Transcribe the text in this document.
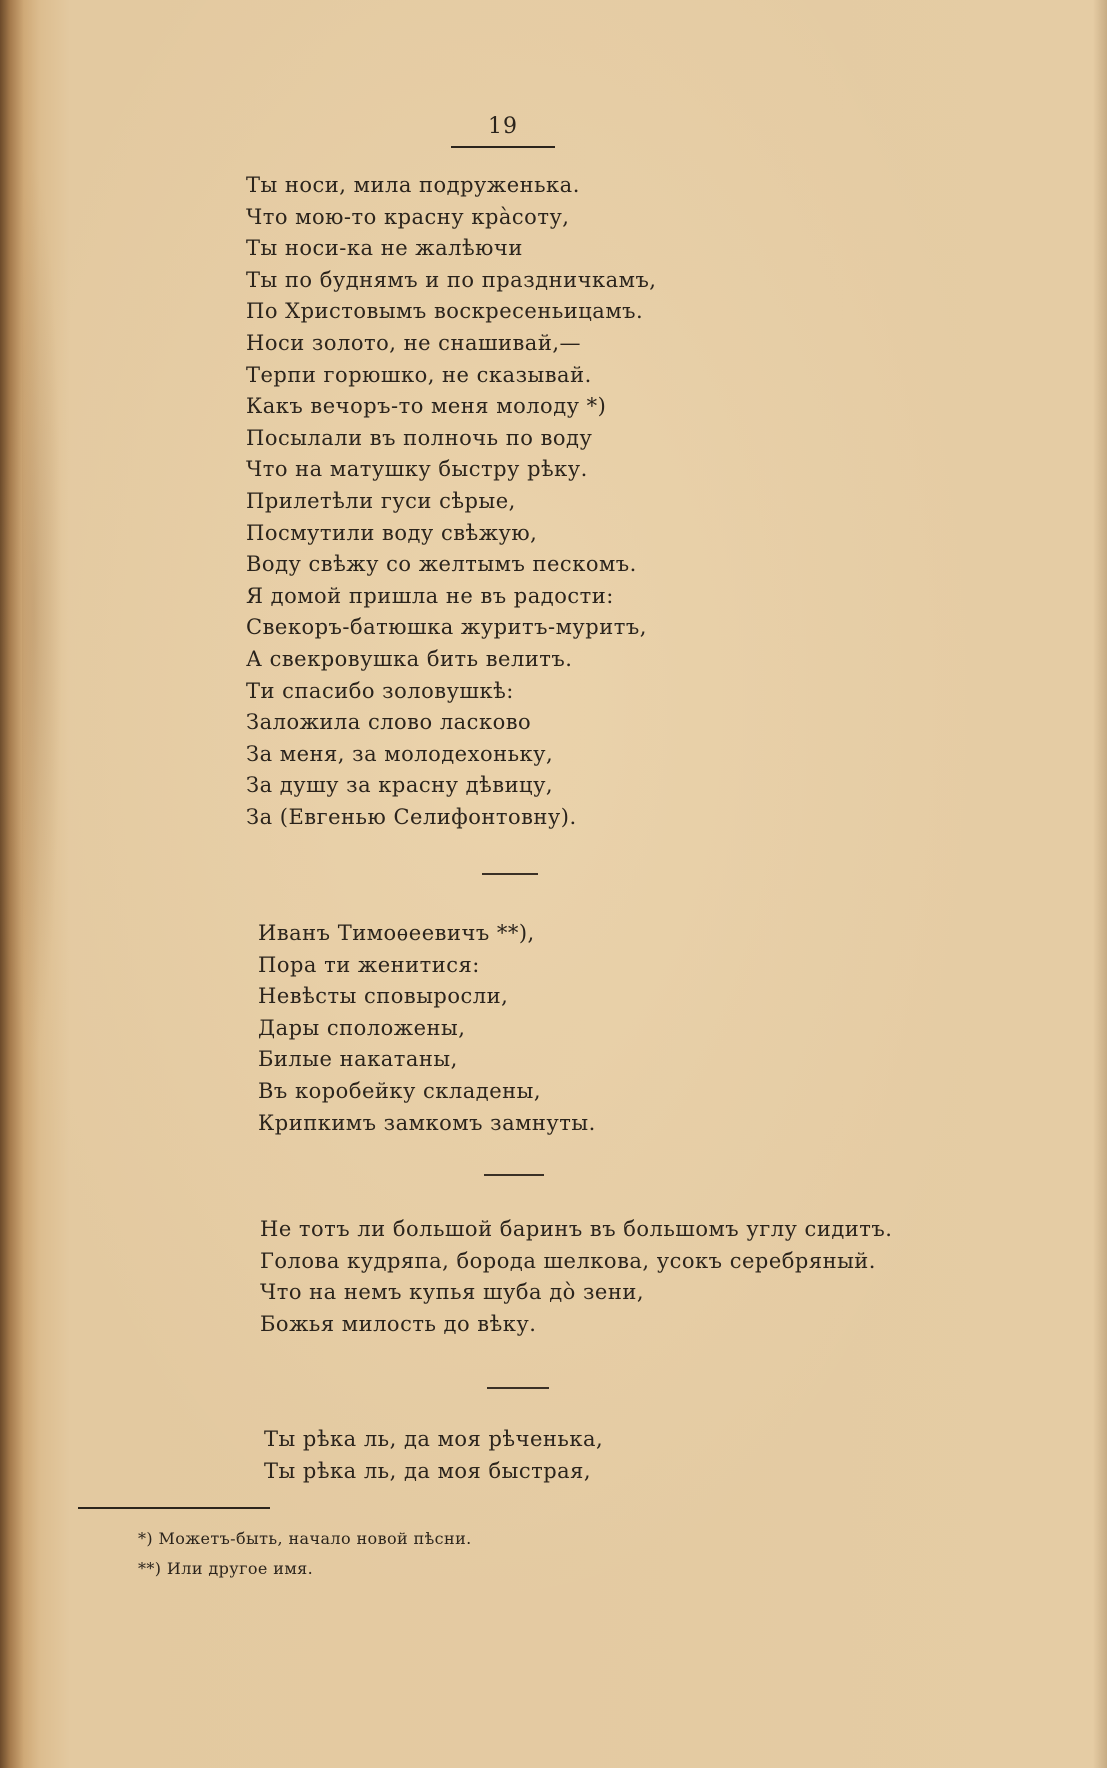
19
Ты носи, мила подруженька.
Что мою-то красну кра̀соту,
Ты носи-ка не жалѣючи
Ты по буднямъ и по праздничкамъ,
По Христовымъ воскресеньицамъ.
Носи золото, не снашивай,—
Терпи горюшко, не сказывай.
Какъ вечоръ-то меня молоду *)
Посылали въ полночь по воду
Что на матушку быстру рѣку.
Прилетѣли гуси сѣрые,
Посмутили воду свѣжую,
Воду свѣжу со желтымъ пескомъ.
Я домой пришла не въ радости:
Свекоръ-батюшка журитъ-муритъ,
А свекровушка бить велитъ.
Ти спасибо золовушкѣ:
Заложила слово ласково
За меня, за молодехоньку,
За душу за красну дѣвицу,
За (Евгенью Селифонтовну).
Иванъ Тимоѳеевичъ **),
Пора ти женитися:
Невѣсты сповыросли,
Дары сположены,
Билые накатаны,
Въ коробейку складены,
Крипкимъ замкомъ замнуты.
Не тотъ ли большой баринъ въ большомъ углу сидитъ.
Голова кудряпа, борода шелкова, усокъ серебряный.
Что на немъ купья шуба до̀ зени,
Божья милость до вѣку.
Ты рѣка ль, да моя рѣченька,
Ты рѣка ль, да моя быстрая,
*) Можетъ-быть, начало новой пѣсни.
**) Или другое имя.
